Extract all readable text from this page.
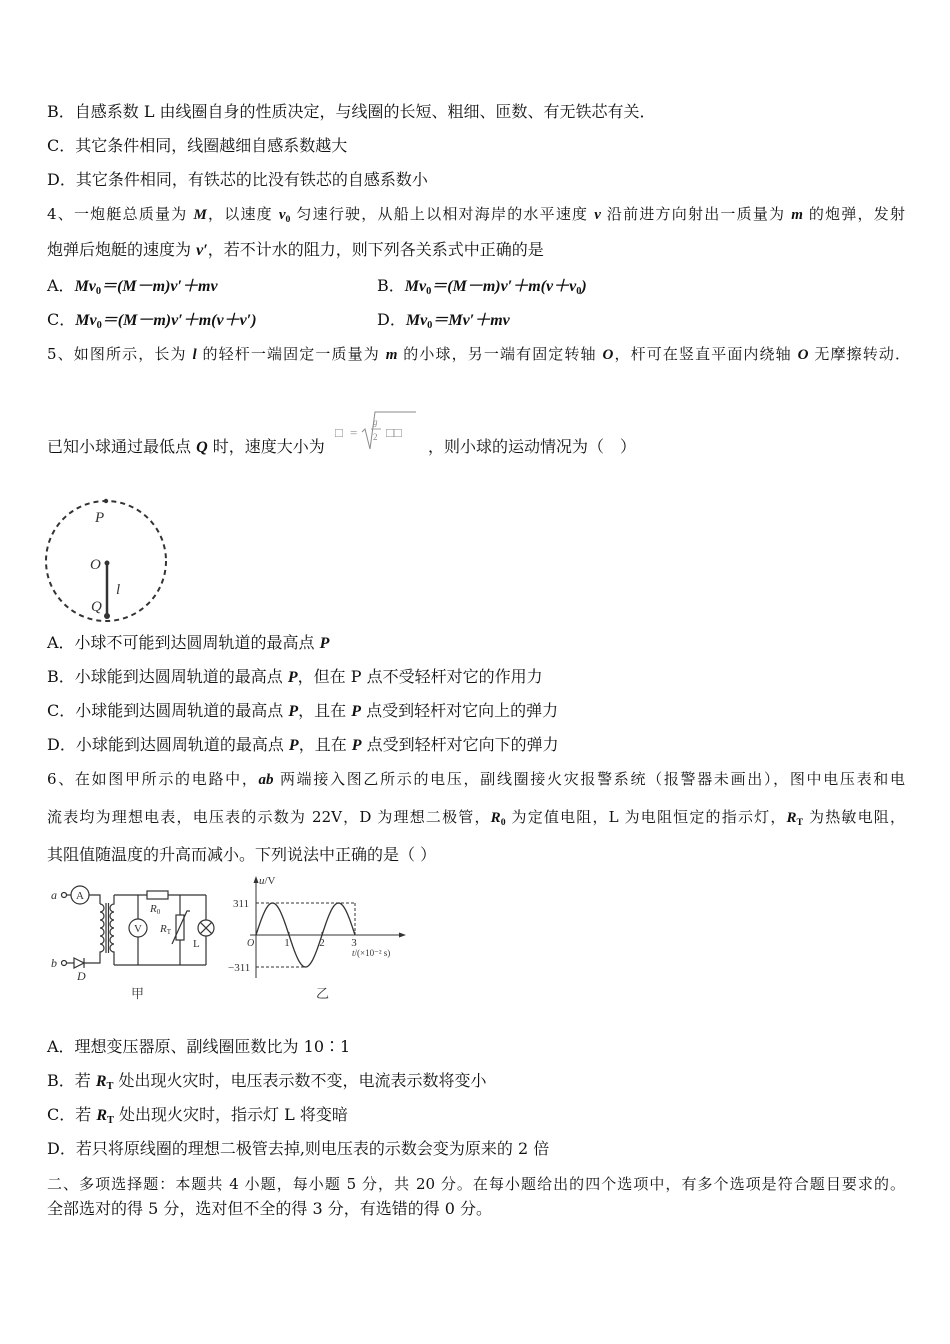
B．自感系数 L 由线圈自身的性质决定，与线圈的长短、粗细、匝数、有无铁芯有关．
C．其它条件相同，线圈越细自感系数越大
D．其它条件相同，有铁芯的比没有铁芯的自感系数小
4、一炮艇总质量为 M，以速度 v0 匀速行驶，从船上以相对海岸的水平速度 v 沿前进方向射出一质量为 m 的炮弹，发射
炮弹后炮艇的速度为 v′，若不计水的阻力，则下列各关系式中正确的是
A．Mv0＝(M－m)v′＋mv	B．Mv0＝(M－m)v′＋m(v＋v0)
C．Mv0＝(M－m)v′＋m(v＋v′)	D．Mv0＝Mv′＋mv
5、如图所示，长为 l 的轻杆一端固定一质量为 m 的小球，另一端有固定转轴 O，杆可在竖直平面内绕轴 O 无摩擦转动．
已知小球通过最低点 Q 时，速度大小为
□ =
g
2 □□
，则小球的运动情况为（　）
P
O
l
Q
A．小球不可能到达圆周轨道的最高点 P
B．小球能到达圆周轨道的最高点 P，但在 P 点不受轻杆对它的作用力
C．小球能到达圆周轨道的最高点 P，且在 P 点受到轻杆对它向上的弹力
D．小球能到达圆周轨道的最高点 P，且在 P 点受到轻杆对它向下的弹力
6、在如图甲所示的电路中，ab 两端接入图乙所示的电压，副线圈接火灾报警系统（报警器未画出），图中电压表和电
流表均为理想电表，电压表的示数为 22V，D 为理想二极管，R0 为定值电阻，L 为电阻恒定的指示灯，RT 为热敏电阻，
其阻值随温度的升高而减小。下列说法中正确的是（ ）
a A
b
D
V
R0
RT
L
甲
u/V
311
−311
O	1	2 3
t/(×10⁻² s)
乙
A．理想变压器原、副线圈匝数比为 10∶1
B．若 RT 处出现火灾时，电压表示数不变，电流表示数将变小
C．若 RT 处出现火灾时，指示灯 L 将变暗
D．若只将原线圈的理想二极管去掉,则电压表的示数会变为原来的 2 倍
二、多项选择题：本题共 4 小题，每小题 5 分，共 20 分。在每小题给出的四个选项中，有多个选项是符合题目要求的。
全部选对的得 5 分，选对但不全的得 3 分，有选错的得 0 分。
